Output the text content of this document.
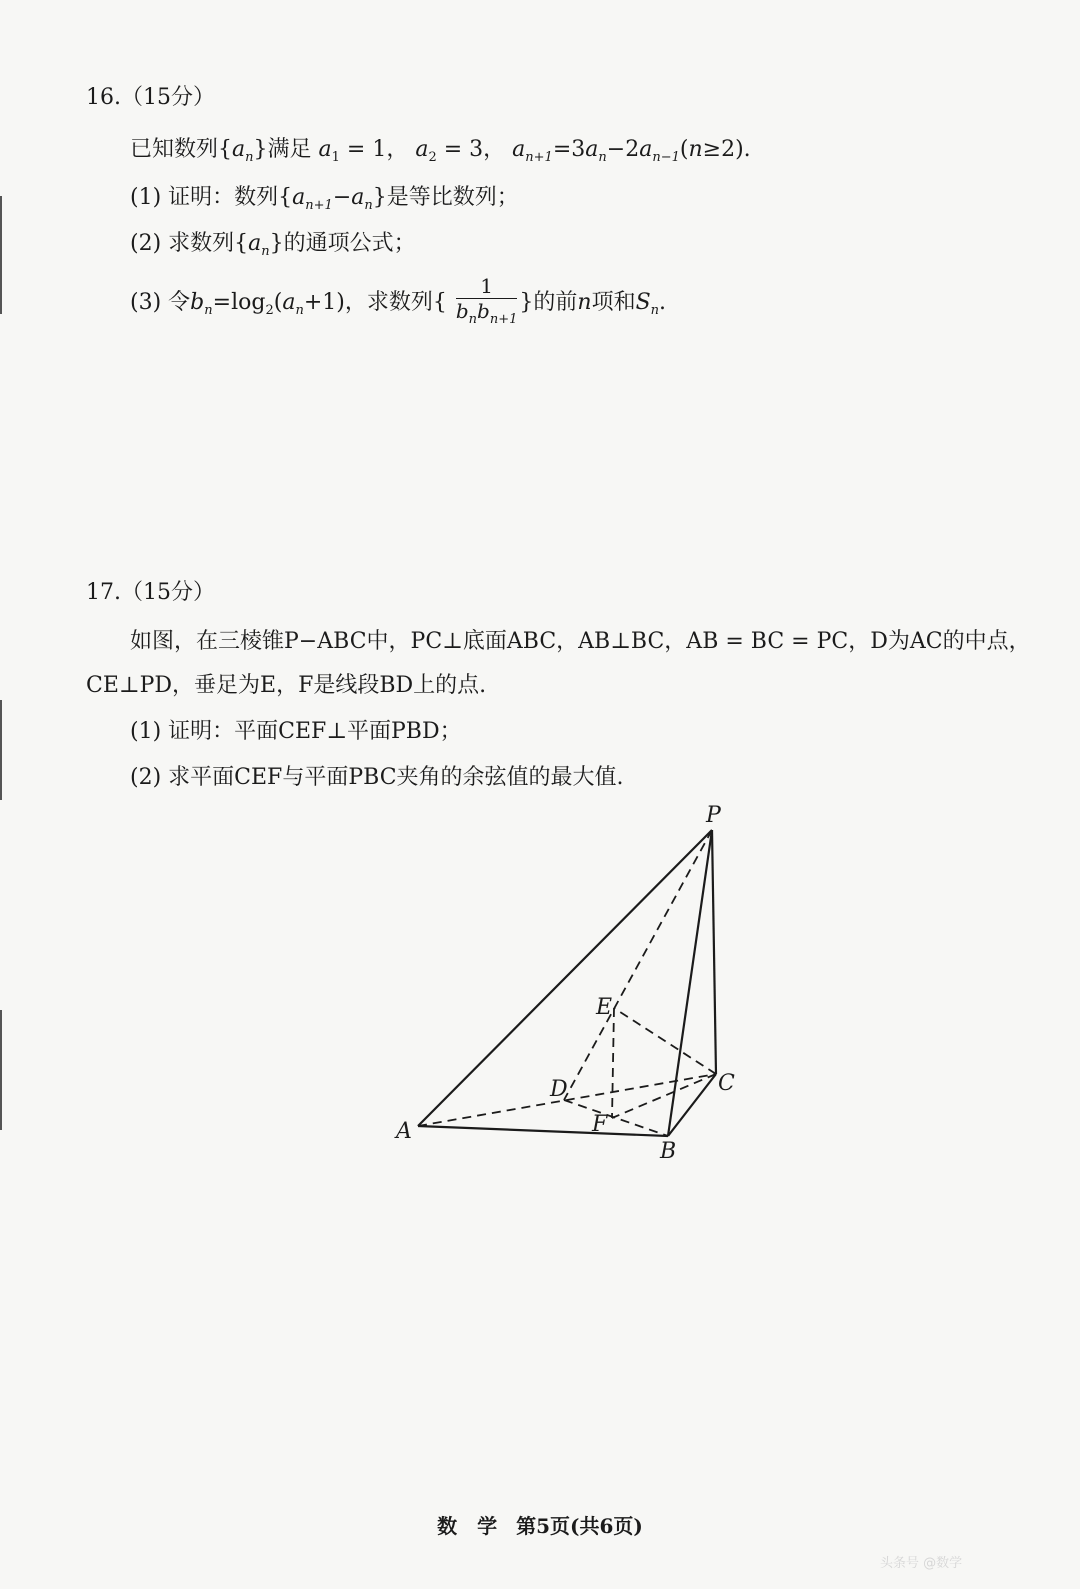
16.（15分）
已知数列$\{a_n\}$满足 $a_1 = 1$， $a_2 = 3$， $a_{n+1}=3a_n-2a_{n-1}(n\ge 2)$.
(1) 证明：数列$\{a_{n+1}-a_n\}$是等比数列；
(2) 求数列$\{a_n\}$的通项公式；
(3) 令$b_n=\log_2(a_n+1)$，求数列{ $\frac{1}{b_nb_{n+1}}$ }的前n项和$S_n$.
17.（15分）
如图，在三棱锥P−ABC中，PC⊥底面ABC，AB⊥BC，AB = BC = PC，D为AC的中点，
CE⊥PD，垂足为E，F是线段BD上的点.
(1) 证明：平面CEF⊥平面PBD；
(2) 求平面CEF与平面PBC夹角的余弦值的最大值.
P
E
C
D
A	F
B
数　学 第5页(共6页)
头条号 @数学
